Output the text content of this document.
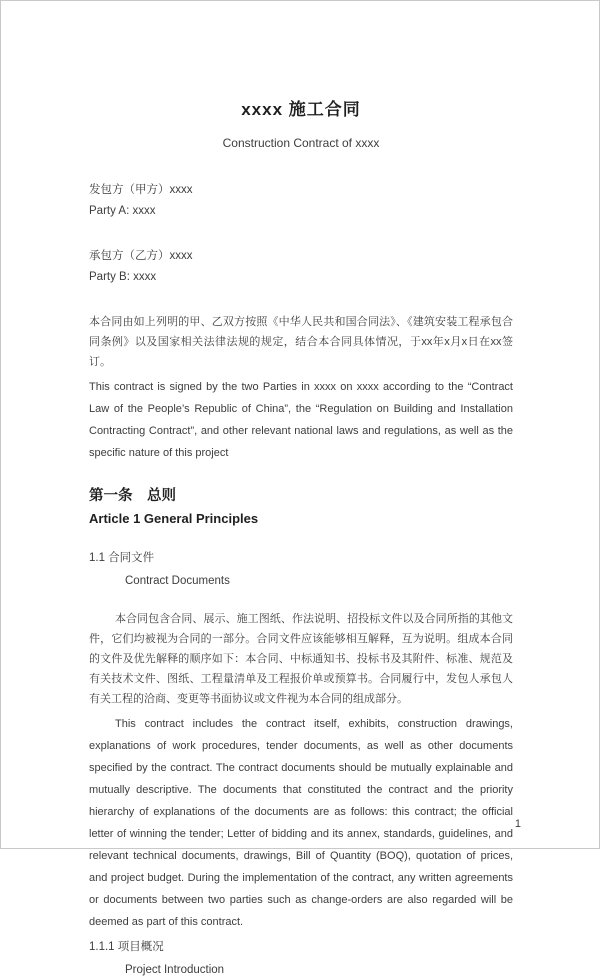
xxxx 施工合同
Construction Contract of xxxx

发包方（甲方）xxxx

Party A: xxxx

承包方（乙方）xxxx

Party B: xxxx

本合同由如上列明的甲、乙双方按照《中华人民共和国合同法》、《建筑安装工程承包合同条例》以及国家相关法律法规的规定，结合本合同具体情况，于xx年x月x日在xx签订。

This contract is signed by the two Parties in xxxx on xxxx according to the “Contract Law of the People’s Republic of China”, the “Regulation on Building and Installation Contracting Contract”, and other relevant national laws and regulations, as well as the specific nature of this project

第一条　总则
Article 1 General Principles

1.1 合同文件

Contract Documents

本合同包含合同、展示、施工图纸、作法说明、招投标文件以及合同所指的其他文件，它们均被视为合同的一部分。合同文件应该能够相互解释，互为说明。组成本合同的文件及优先解释的顺序如下：本合同、中标通知书、投标书及其附件、标准、规范及有关技术文件、图纸、工程量清单及工程报价单或预算书。合同履行中，发包人承包人有关工程的洽商、变更等书面协议或文件视为本合同的组成部分。

This contract includes the contract itself, exhibits, construction drawings, explanations of work procedures, tender documents, as well as other documents specified by the contract. The contract documents should be mutually explainable and mutually descriptive. The documents that constituted the contract and the priority hierarchy of explanations of the documents are as follows: this contract; the official letter of winning the tender; Letter of bidding and its annex, standards, guidelines, and relevant technical documents, drawings, Bill of Quantity (BOQ), quotation of prices, and project budget. During the implementation of the contract, any written agreements or documents between two parties such as change-orders are also regarded will be deemed as part of this contract.

1.1.1 项目概况

Project Introduction

1
